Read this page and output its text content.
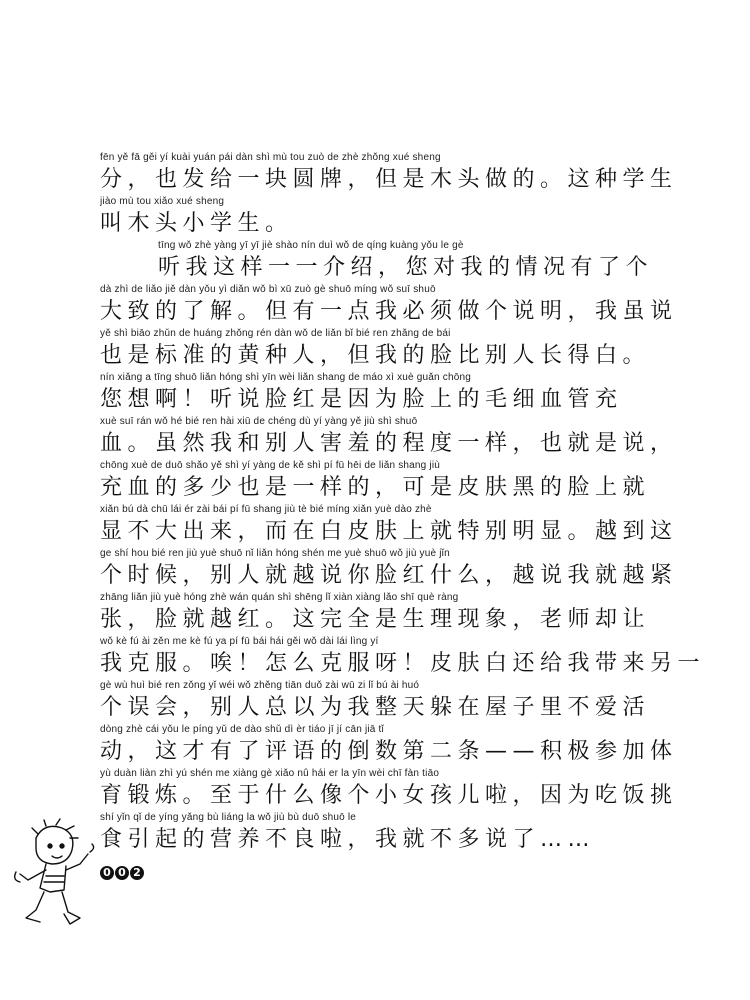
fēn yě fā gěi yí kuài yuán pái dàn shì mù tou zuò de zhè zhǒng xué sheng
分，也发给一块圆牌，但是木头做的。这种学生
jiào mù tou xiǎo xué sheng
叫木头小学生。
tīng wǒ zhè yàng yī yī jiè shào nín duì wǒ de qíng kuàng yǒu le gè
听我这样一一介绍，您对我的情况有了个
dà zhì de liǎo jiě dàn yǒu yì diǎn wǒ bì xū zuò gè shuō míng wǒ suī shuō
大致的了解。但有一点我必须做个说明，我虽说
yě shì biāo zhǔn de huáng zhǒng rén dàn wǒ de liǎn bǐ bié ren zhǎng de bái
也是标准的黄种人，但我的脸比别人长得白。
nín xiǎng a tīng shuō liǎn hóng shì yīn wèi liǎn shang de máo xì xuè guǎn chōng
您想啊！听说脸红是因为脸上的毛细血管充
xuè suī rán wǒ hé bié ren hài xiū de chéng dù yí yàng yě jiù shì shuō
血。虽然我和别人害羞的程度一样，也就是说，
chōng xuè de duō shǎo yě shì yí yàng de kě shì pí fū hēi de liǎn shang jiù
充血的多少也是一样的，可是皮肤黑的脸上就
xiǎn bú dà chū lái ér zài bái pí fū shang jiù tè bié míng xiǎn yuè dào zhè
显不大出来，而在白皮肤上就特别明显。越到这
ge shí hou bié ren jiù yuè shuō nǐ liǎn hóng shén me yuè shuō wǒ jiù yuè jǐn
个时候，别人就越说你脸红什么，越说我就越紧
zhāng liǎn jiù yuè hóng zhè wán quán shì shēng lǐ xiàn xiàng lǎo shī què ràng
张，脸就越红。这完全是生理现象，老师却让
wǒ kè fú ài zěn me kè fú ya pí fū bái hái gěi wǒ dài lái lìng yí
我克服。唉！怎么克服呀！皮肤白还给我带来另一
gè wù huì bié ren zǒng yǐ wéi wǒ zhěng tiān duǒ zài wū zi lǐ bú ài huó
个误会，别人总以为我整天躲在屋子里不爱活
dòng zhè cái yǒu le píng yǔ de dào shǔ dì èr tiáo jī jí cān jiā tǐ
动，这才有了评语的倒数第二条——积极参加体
yù duàn liàn zhì yú shén me xiàng gè xiǎo nǚ hái er la yīn wèi chī fàn tiāo
育锻炼。至于什么像个小女孩儿啦，因为吃饭挑
shí yǐn qǐ de yíng yǎng bù liáng la wǒ jiù bù duō shuō le
食引起的营养不良啦，我就不多说了……
0 0 2
